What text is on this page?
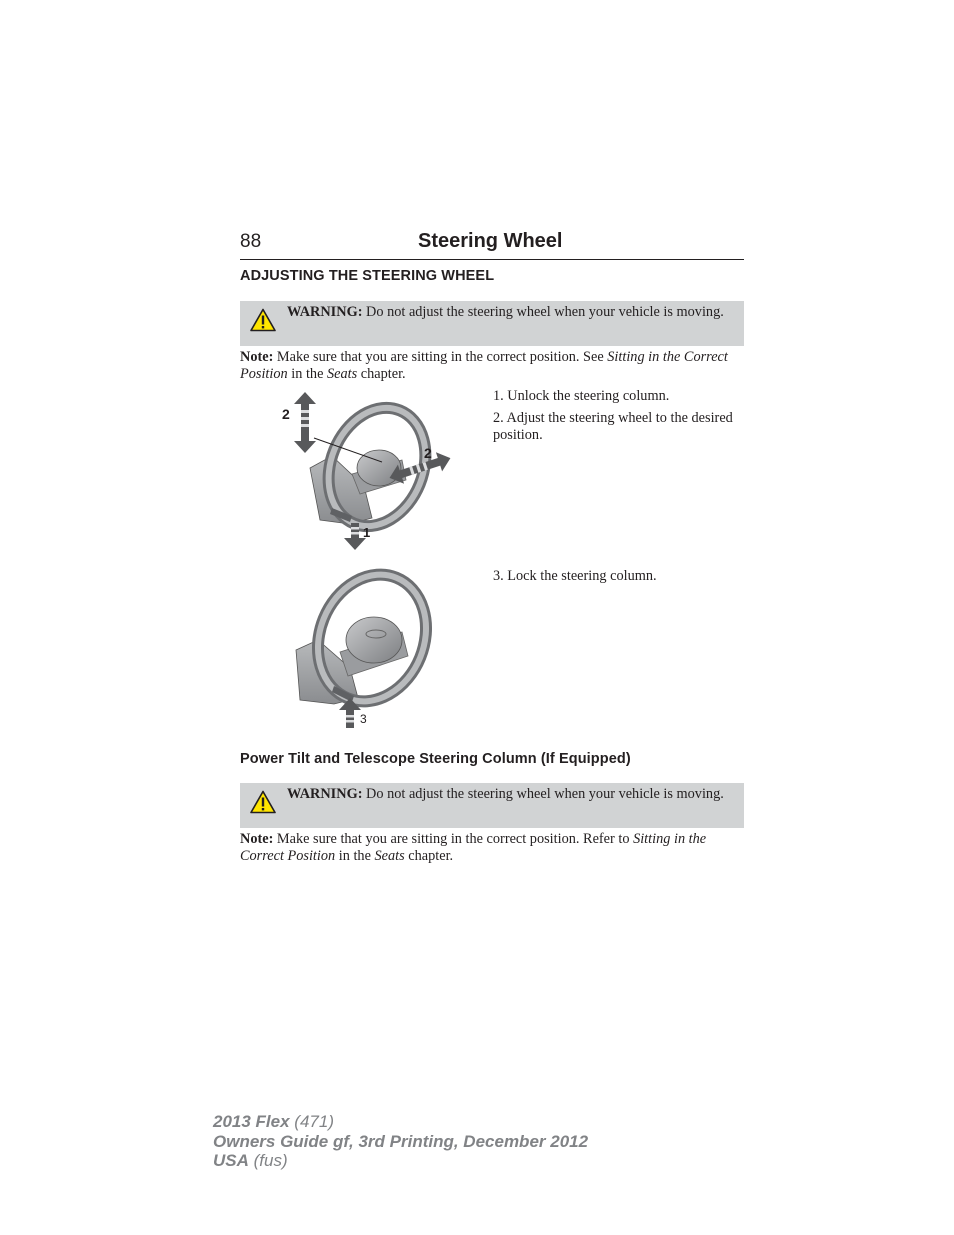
88	Steering Wheel
ADJUSTING THE STEERING WHEEL
WARNING: Do not adjust the steering wheel when your vehicle is moving.
Note: Make sure that you are sitting in the correct position. See Sitting in the Correct Position in the Seats chapter.
1. Unlock the steering column.
2. Adjust the steering wheel to the desired position.
3. Lock the steering column.
2
2
1
3
Power Tilt and Telescope Steering Column (If Equipped)
WARNING: Do not adjust the steering wheel when your vehicle is moving.
Note: Make sure that you are sitting in the correct position. Refer to Sitting in the Correct Position in the Seats chapter.
2013 Flex (471)
Owners Guide gf, 3rd Printing, December 2012
USA (fus)
